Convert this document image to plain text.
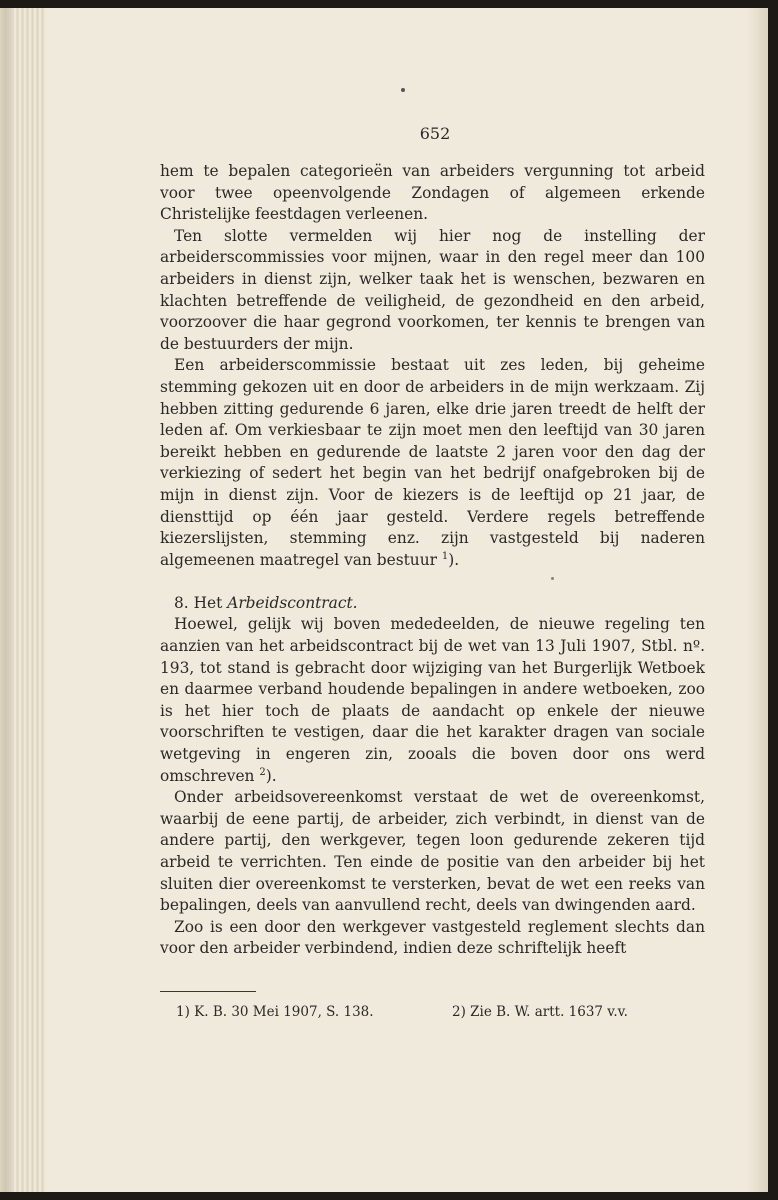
652

hem te bepalen categorieën van arbeiders vergunning tot arbeid voor twee opeenvolgende Zondagen of algemeen erkende Christelijke feestdagen verleenen.

Ten slotte vermelden wij hier nog de instelling der arbeiderscommissies voor mijnen, waar in den regel meer dan 100 arbeiders in dienst zijn, welker taak het is wenschen, bezwaren en klachten betreffende de veiligheid, de gezondheid en den arbeid, voorzoover die haar gegrond voorkomen, ter kennis te brengen van de bestuurders der mijn.

Een arbeiderscommissie bestaat uit zes leden, bij geheime stemming gekozen uit en door de arbeiders in de mijn werkzaam. Zij hebben zitting gedurende 6 jaren, elke drie jaren treedt de helft der leden af. Om verkiesbaar te zijn moet men den leeftijd van 30 jaren bereikt hebben en gedurende de laatste 2 jaren voor den dag der verkiezing of sedert het begin van het bedrijf onafgebroken bij de mijn in dienst zijn. Voor de kiezers is de leeftijd op 21 jaar, de diensttijd op één jaar gesteld. Verdere regels betreffende kiezerslijsten, stemming enz. zijn vastgesteld bij naderen algemeenen maatregel van bestuur $^1$).

8. Het Arbeidscontract.

Hoewel, gelijk wij boven mededeelden, de nieuwe regeling ten aanzien van het arbeidscontract bij de wet van 13 Juli 1907, Stbl. nº. 193, tot stand is gebracht door wijziging van het Burgerlijk Wetboek en daarmee verband houdende bepalingen in andere wetboeken, zoo is het hier toch de plaats de aandacht op enkele der nieuwe voorschriften te vestigen, daar die het karakter dragen van sociale wetgeving in engeren zin, zooals die boven door ons werd omschreven $^2$).

Onder arbeidsovereenkomst verstaat de wet de overeenkomst, waarbij de eene partij, de arbeider, zich verbindt, in dienst van de andere partij, den werkgever, tegen loon gedurende zekeren tijd arbeid te verrichten. Ten einde de positie van den arbeider bij het sluiten dier overeenkomst te versterken, bevat de wet een reeks van bepalingen, deels van aanvullend recht, deels van dwingenden aard.

Zoo is een door den werkgever vastgesteld reglement slechts dan voor den arbeider verbindend, indien deze schriftelijk heeft

1) K. B. 30 Mei 1907, S. 138.	2) Zie B. W. artt. 1637 v.v.
